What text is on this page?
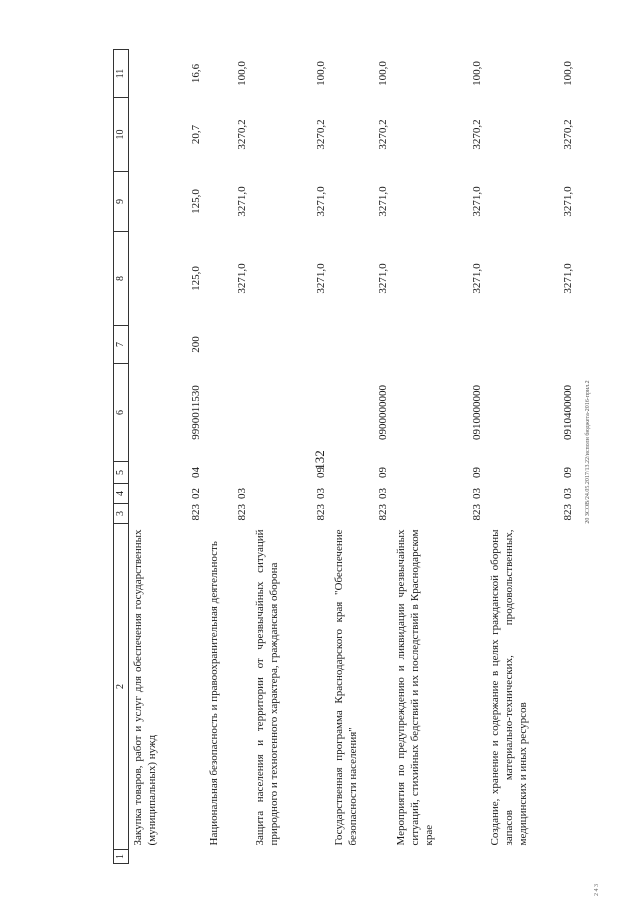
132	20 ЗСОВ/24.05.2017/13.22/исполн бюджета-2016-прил.2
2 4 3
1	2	3	4	5	6	7	8	9	10	11
	Закупка товаров, работ и услуг для обеспечения государственных (муниципальных) нужд	823	02	04	9990011530	200	125,0	125,0	20,7	16,6
	Национальная безопасность и правоохранительная деятельность	823	03				3271,0	3271,0	3270,2	100,0
	Защита населения и территории от чрезвычайных ситуаций природного и техногенного характера, гражданская оборона	823	03	09			3271,0	3271,0	3270,2	100,0
	Государственная программа Краснодарского края "Обеспечение безопасности населения"	823	03	09	0900000000		3271,0	3271,0	3270,2	100,0
	Мероприятия по предупреждению и ликвидации чрезвычайных ситуаций, стихийных бедствий и их последствий в Краснодарском крае	823	03	09	0910000000		3271,0	3271,0	3270,2	100,0
	Создание, хранение и содержание в целях гражданской обороны запасов материально-технических, продовольственных, медицинских и иных ресурсов	823	03	09	0910400000		3271,0	3271,0	3270,2	100,0
